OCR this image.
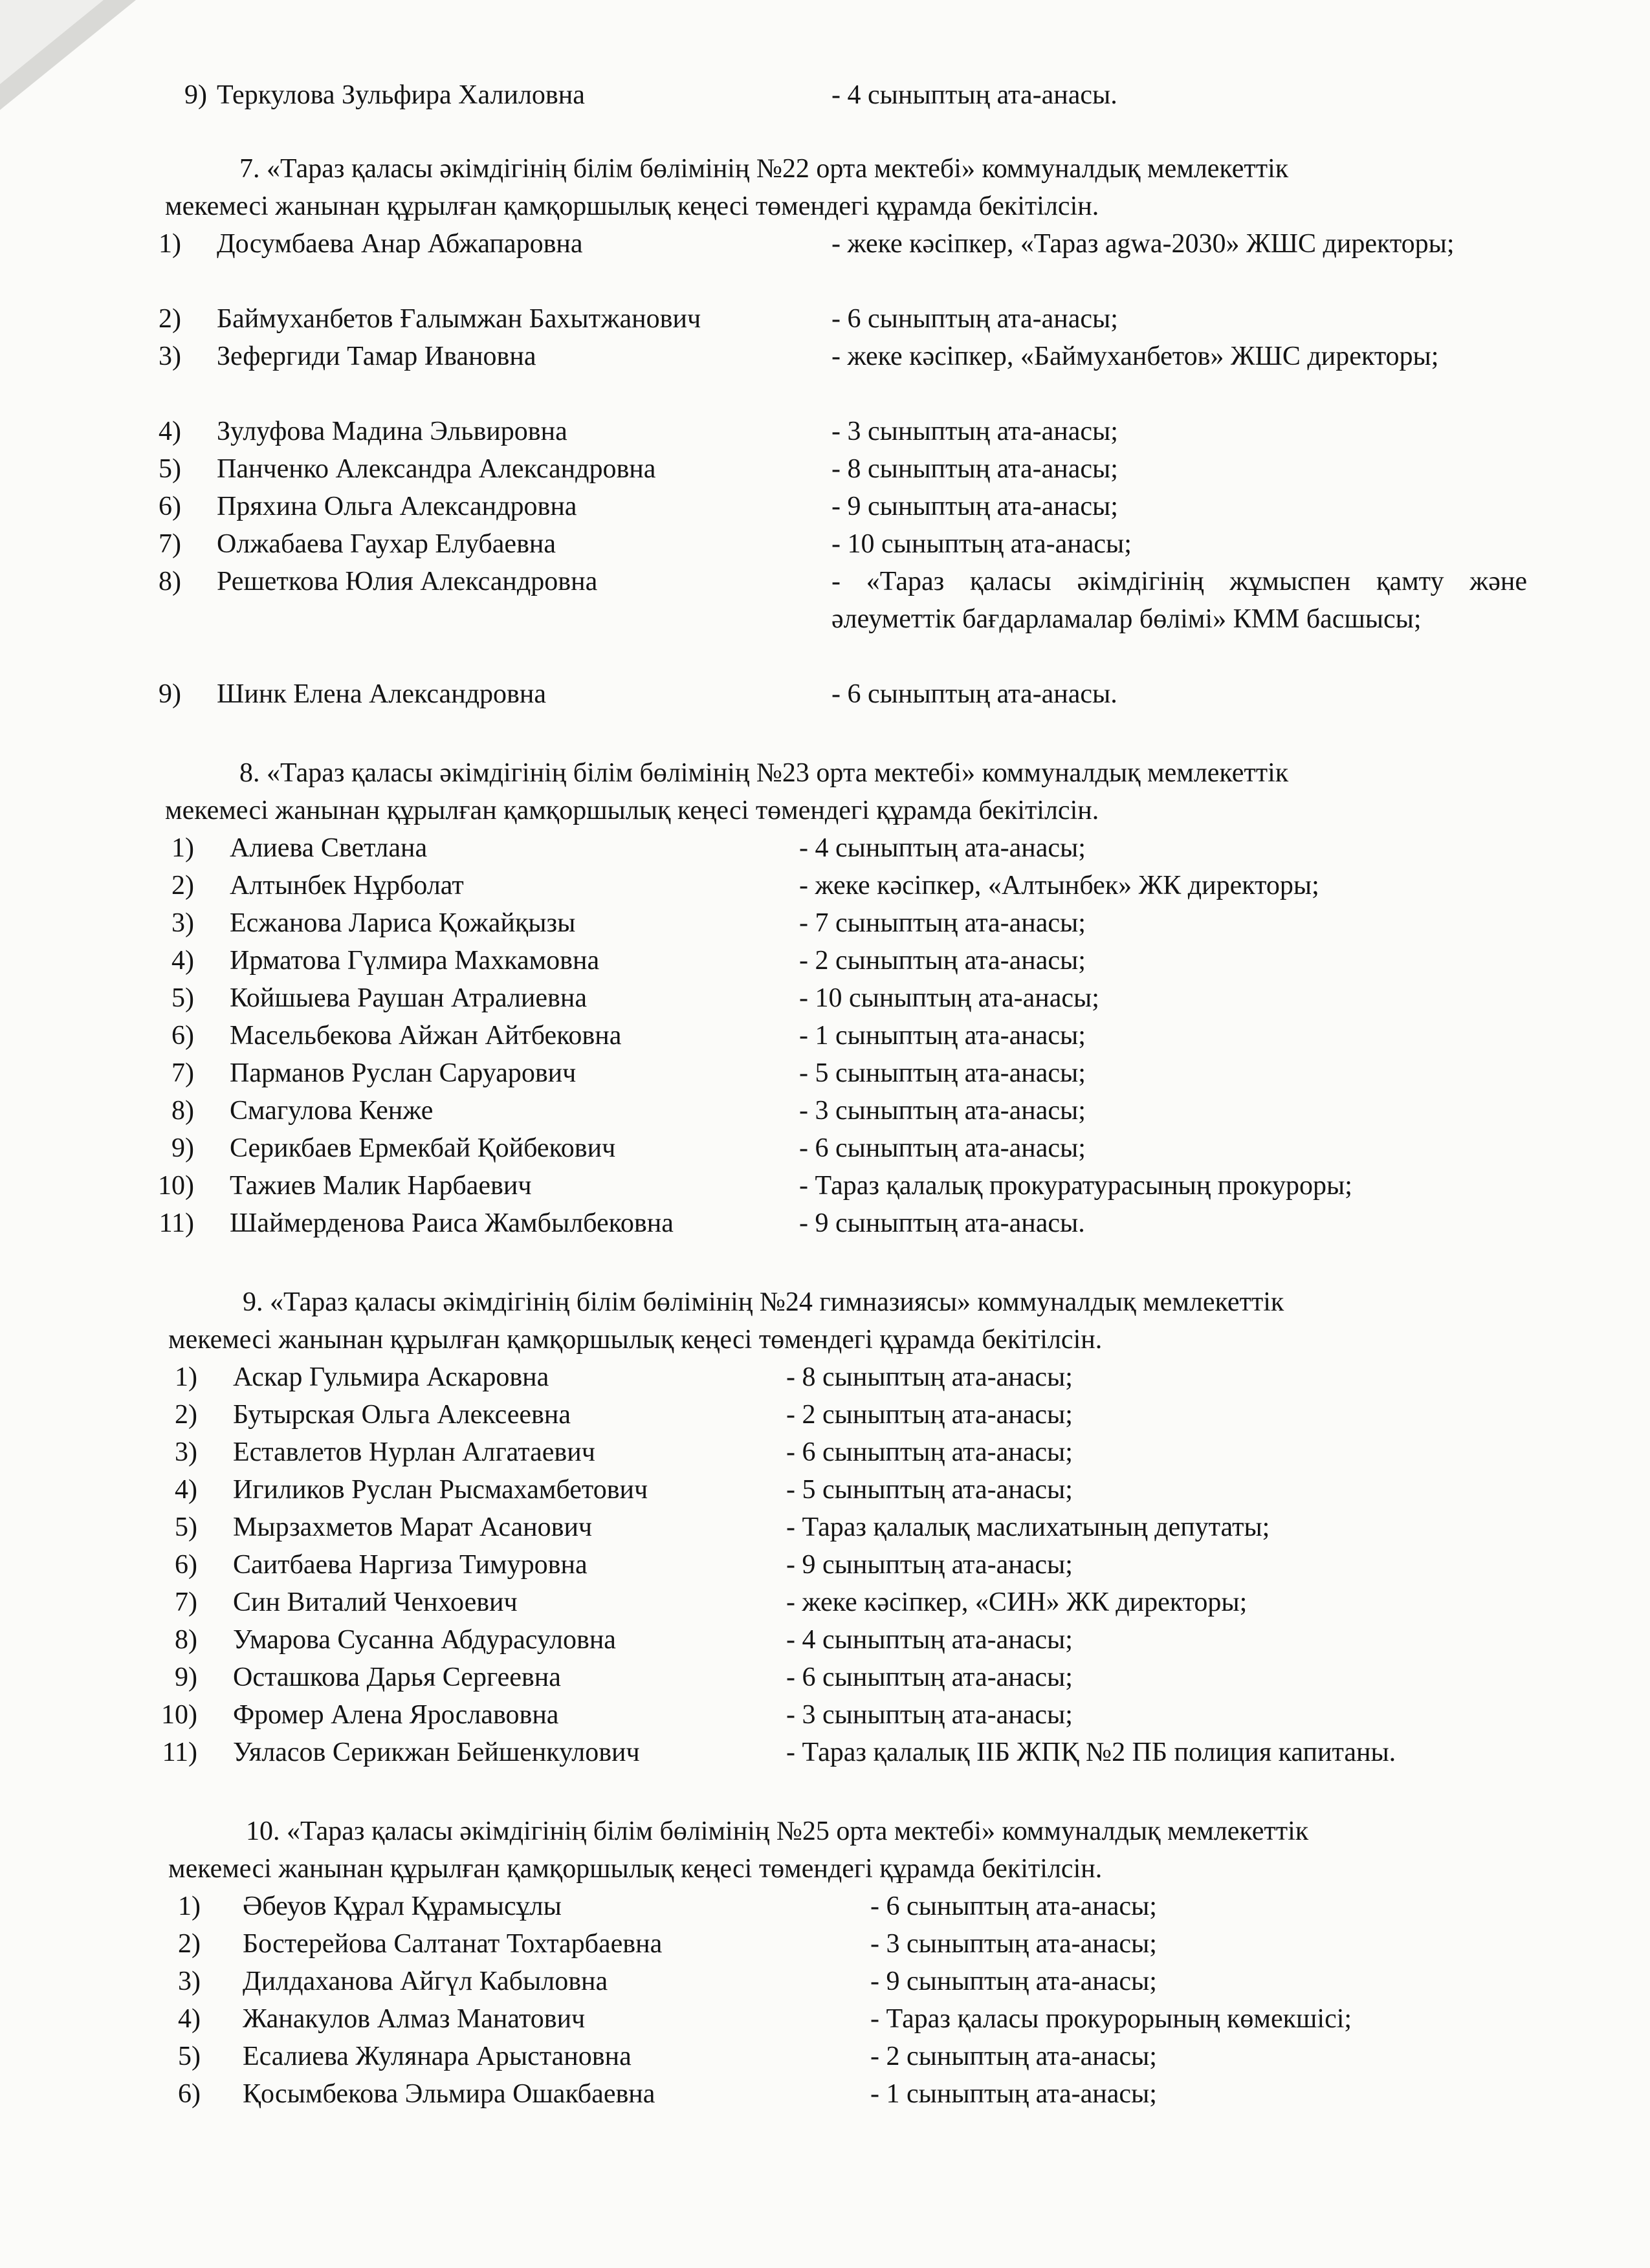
9) Теркулова Зульфира Халиловна	- 4 сыныптың ата-анасы.
7. «Тараз қаласы әкімдігінің білім бөлімінің №22 орта мектебі» коммуналдық мемлекеттік
мекемесі жанынан құрылған қамқоршылық кеңесі төмендегі құрамда бекітілсін.
1) Досумбаева Анар Абжапаровна	- жеке кәсіпкер, «Тараз agwa-2030» ЖШС директоры;
2) Баймуханбетов Ғалымжан Бахытжанович	- 6 сыныптың ата-анасы;
3) Зефергиди Тамар Ивановна	- жеке кәсіпкер, «Баймуханбетов» ЖШС директоры;
4) Зулуфова Мадина Эльвировна	- 3 сыныптың ата-анасы;
5) Панченко Александра Александровна	- 8 сыныптың ата-анасы;
6) Пряхина Ольга Александровна	- 9 сыныптың ата-анасы;
7) Олжабаева Гаухар Елубаевна	- 10 сыныптың ата-анасы;
8) Решеткова Юлия Александровна	- «Тараз қаласы әкімдігінің жұмыспен қамту және әлеуметтік бағдарламалар бөлімі» КММ басшысы;
9) Шинк Елена Александровна	- 6 сыныптың ата-анасы.
8. «Тараз қаласы әкімдігінің білім бөлімінің №23 орта мектебі» коммуналдық мемлекеттік
мекемесі жанынан құрылған қамқоршылық кеңесі төмендегі құрамда бекітілсін.
1) Алиева Светлана	- 4 сыныптың ата-анасы;
2) Алтынбек Нұрболат	- жеке кәсіпкер, «Алтынбек» ЖК директоры;
3) Есжанова Лариса Қожайқызы	- 7 сыныптың ата-анасы;
4) Ирматова Гүлмира Махкамовна	- 2 сыныптың ата-анасы;
5) Койшыева Раушан Атралиевна	- 10 сыныптың ата-анасы;
6) Масельбекова Айжан Айтбековна	- 1 сыныптың ата-анасы;
7) Парманов Руслан Саруарович	- 5 сыныптың ата-анасы;
8) Смагулова Кенже	- 3 сыныптың ата-анасы;
9) Серикбаев Ермекбай Қойбекович	- 6 сыныптың ата-анасы;
10) Тажиев Малик Нарбаевич	- Тараз қалалық прокуратурасының прокуроры;
11) Шаймерденова Раиса Жамбылбековна	- 9 сыныптың ата-анасы.
9. «Тараз қаласы әкімдігінің білім бөлімінің №24 гимназиясы» коммуналдық мемлекеттік
мекемесі жанынан құрылған қамқоршылық кеңесі төмендегі құрамда бекітілсін.
1) Аскар Гульмира Аскаровна	- 8 сыныптың ата-анасы;
2) Бутырская Ольга Алексеевна	- 2 сыныптың ата-анасы;
3) Еставлетов Нурлан Алгатаевич	- 6 сыныптың ата-анасы;
4) Игиликов Руслан Рысмахамбетович	- 5 сыныптың ата-анасы;
5) Мырзахметов Марат Асанович	- Тараз қалалық маслихатының депутаты;
6) Саитбаева Наргиза Тимуровна	- 9 сыныптың ата-анасы;
7) Син Виталий Ченхоевич	- жеке кәсіпкер, «СИН» ЖК директоры;
8) Умарова Сусанна Абдурасуловна	- 4 сыныптың ата-анасы;
9) Осташкова Дарья Сергеевна	- 6 сыныптың ата-анасы;
10) Фромер Алена Ярославовна	- 3 сыныптың ата-анасы;
11) Уяласов Серикжан Бейшенкулович	- Тараз қалалық ІІБ ЖПҚ №2 ПБ полиция капитаны.
10. «Тараз қаласы әкімдігінің білім бөлімінің №25 орта мектебі» коммуналдық мемлекеттік
мекемесі жанынан құрылған қамқоршылық кеңесі төмендегі құрамда бекітілсін.
1) Әбеуов Құрал Құрамысұлы	- 6 сыныптың ата-анасы;
2) Бостерейова Салтанат Тохтарбаевна	- 3 сыныптың ата-анасы;
3) Дилдаханова Айгүл Кабыловна	- 9 сыныптың ата-анасы;
4) Жанакулов Алмаз Манатович	- Тараз қаласы прокурорының көмекшісі;
5) Есалиева Жулянара Арыстановна	- 2 сыныптың ата-анасы;
6) Қосымбекова Эльмира Ошакбаевна	- 1 сыныптың ата-анасы;
